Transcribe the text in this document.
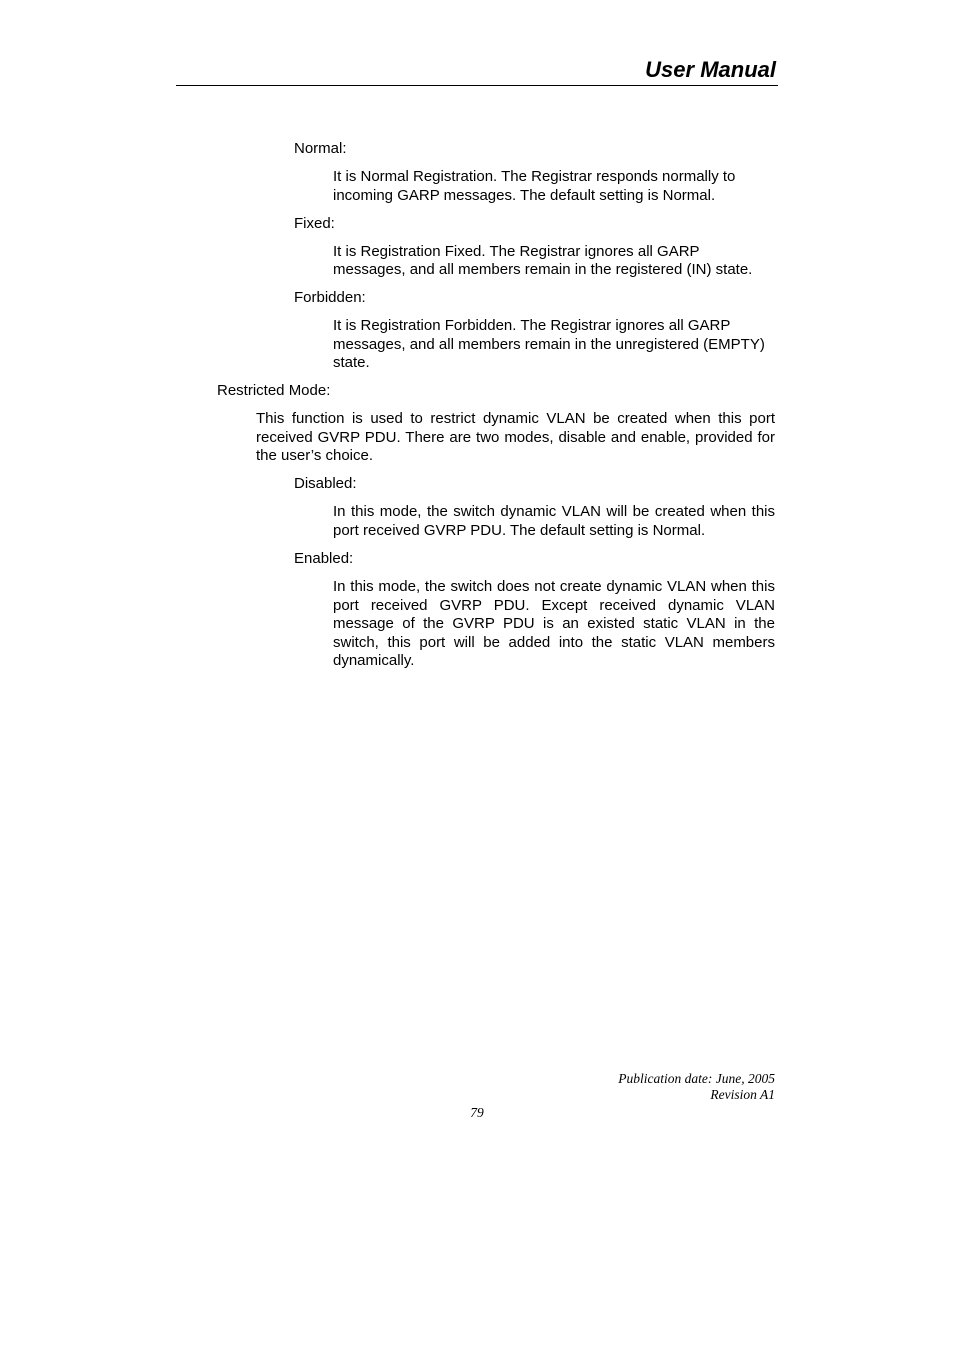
User Manual

Normal:

It is Normal Registration. The Registrar responds normally to incoming GARP messages. The default setting is Normal.

Fixed:

It is Registration Fixed. The Registrar ignores all GARP messages, and all members remain in the registered (IN) state.

Forbidden:

It is Registration Forbidden. The Registrar ignores all GARP messages, and all members remain in the unregistered (EMPTY) state.

Restricted Mode:

This function is used to restrict dynamic VLAN be created when this port received GVRP PDU. There are two modes, disable and enable, provided for the user’s choice.

Disabled:

In this mode, the switch dynamic VLAN will be created when this port received GVRP PDU. The default setting is Normal.

Enabled:

In this mode, the switch does not create dynamic VLAN when this port received GVRP PDU. Except received dynamic VLAN message of the GVRP PDU is an existed static VLAN in the switch, this port will be added into the static VLAN members dynamically.

Publication date: June, 2005
Revision A1
79
